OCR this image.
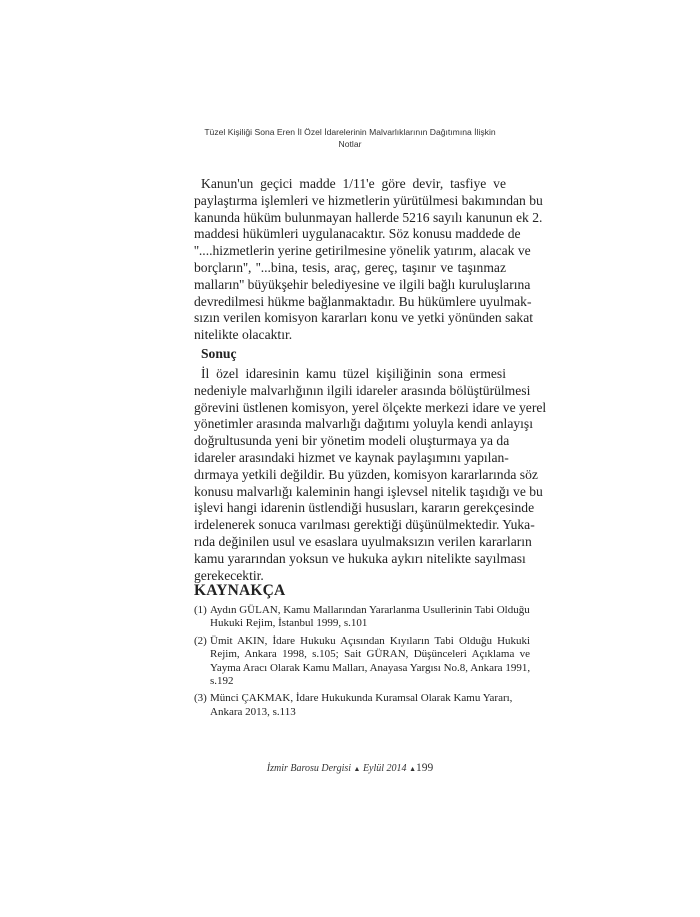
Tüzel Kişiliği Sona Eren İl Özel İdarelerinin Malvarlıklarının Dağıtımına İlişkin
Notlar
Kanun'un geçici madde 1/11'e göre devir, tasfiye ve
paylaştırma işlemleri ve hizmetlerin yürütülmesi bakımından bu
kanunda hüküm bulunmayan hallerde 5216 sayılı kanunun ek 2.
maddesi hükümleri uygulanacaktır. Söz konusu maddede de
''....hizmetlerin yerine getirilmesine yönelik yatırım, alacak ve
borçların'', ''...bina, tesis, araç, gereç, taşınır ve taşınmaz
malların'' büyükşehir belediyesine ve ilgili bağlı kuruluşlarına
devredilmesi hükme bağlanmaktadır. Bu hükümlere uyulmak-
sızın verilen komisyon kararları konu ve yetki yönünden sakat
nitelikte olacaktır.
Sonuç
İl özel idaresinin kamu tüzel kişiliğinin sona ermesi
nedeniyle malvarlığının ilgili idareler arasında bölüştürülmesi
görevini üstlenen komisyon, yerel ölçekte merkezi idare ve yerel
yönetimler arasında malvarlığı dağıtımı yoluyla kendi anlayışı
doğrultusunda yeni bir yönetim modeli oluşturmaya ya da
idareler arasındaki hizmet ve kaynak paylaşımını yapılan-
dırmaya yetkili değildir. Bu yüzden, komisyon kararlarında söz
konusu malvarlığı kaleminin hangi işlevsel nitelik taşıdığı ve bu
işlevi hangi idarenin üstlendiği hususları, kararın gerekçesinde
irdelenerek sonuca varılması gerektiği düşünülmektedir. Yuka-
rıda değinilen usul ve esaslara uyulmaksızın verilen kararların
kamu yararından yoksun ve hukuka aykırı nitelikte sayılması
gerekecektir.
KAYNAKÇA
(1) Aydın GÜLAN, Kamu Mallarından Yararlanma Usullerinin Tabi Olduğu
Hukuki Rejim, İstanbul 1999, s.101
(2) Ümit AKIN, İdare Hukuku Açısından Kıyıların Tabi Olduğu Hukuki
Rejim, Ankara 1998, s.105; Sait GÜRAN, Düşünceleri Açıklama ve
Yayma Aracı Olarak Kamu Malları, Anayasa Yargısı No.8, Ankara 1991,
s.192
(3) Münci ÇAKMAK, İdare Hukukunda Kuramsal Olarak Kamu Yararı,
Ankara 2013, s.113
İzmir Barosu Dergisi ▲ Eylül 2014 ▲199
